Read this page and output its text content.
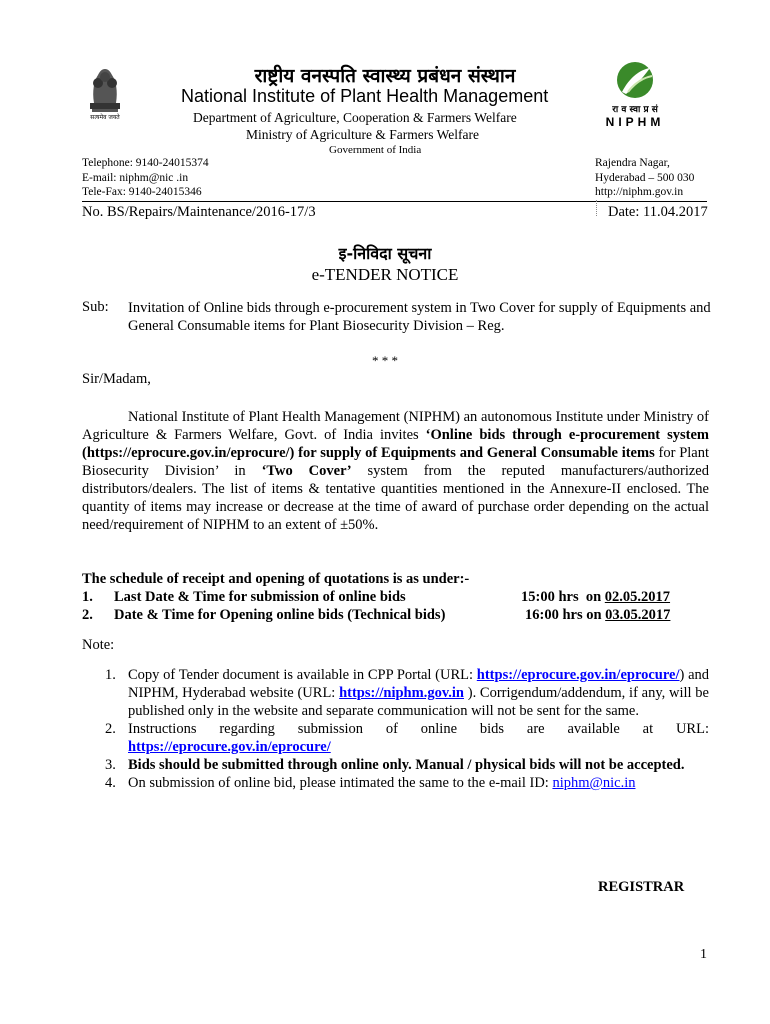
सत्यमेव जयते
रा व स्वा प्र सं
NIPHM
राष्ट्रीय वनस्पति स्वास्थ्य प्रबंधन संस्थान
National Institute of Plant Health Management
Department of Agriculture, Cooperation & Farmers Welfare
Ministry of Agriculture & Farmers Welfare
Government of India
Telephone: 9140-24015374
E-mail: niphm@nic .in
Tele-Fax: 9140-24015346
Rajendra Nagar,
Hyderabad – 500 030
http://niphm.gov.in
No. BS/Repairs/Maintenance/2016-17/3	Date: 11.04.2017
इ-निविदा सूचना
e-TENDER NOTICE
Sub: Invitation of Online bids through e-procurement system in Two Cover for supply of Equipments and General Consumable items for Plant Biosecurity Division – Reg.
* * *
Sir/Madam,
National Institute of Plant Health Management (NIPHM) an autonomous Institute under Ministry of Agriculture & Farmers Welfare, Govt. of India invites ‘Online bids through e-procurement system (https://eprocure.gov.in/eprocure/) for supply of Equipments and General Consumable items for Plant Biosecurity Division’ in ‘Two Cover’ system from the reputed manufacturers/authorized distributors/dealers. The list of items & tentative quantities mentioned in the Annexure-II enclosed. The quantity of items may increase or decrease at the time of award of purchase order depending on the actual need/requirement of NIPHM to an extent of ±50%.
The schedule of receipt and opening of quotations is as under:-
1. Last Date & Time for submission of online bids	15:00 hrs  on 02.05.2017
2. Date & Time for Opening online bids (Technical bids)	16:00 hrs on 03.05.2017
Note:
1. Copy of Tender document is available in CPP Portal (URL: https://eprocure.gov.in/eprocure/) and NIPHM, Hyderabad website (URL: https://niphm.gov.in ). Corrigendum/addendum, if any, will be published only in the website and separate communication will not be sent for the same.
2. Instructions regarding submission of online bids are available at URL: https://eprocure.gov.in/eprocure/
3. Bids should be submitted through online only. Manual / physical bids will not be accepted.
4. On submission of online bid, please intimated the same to the e-mail ID: niphm@nic.in
REGISTRAR
1
